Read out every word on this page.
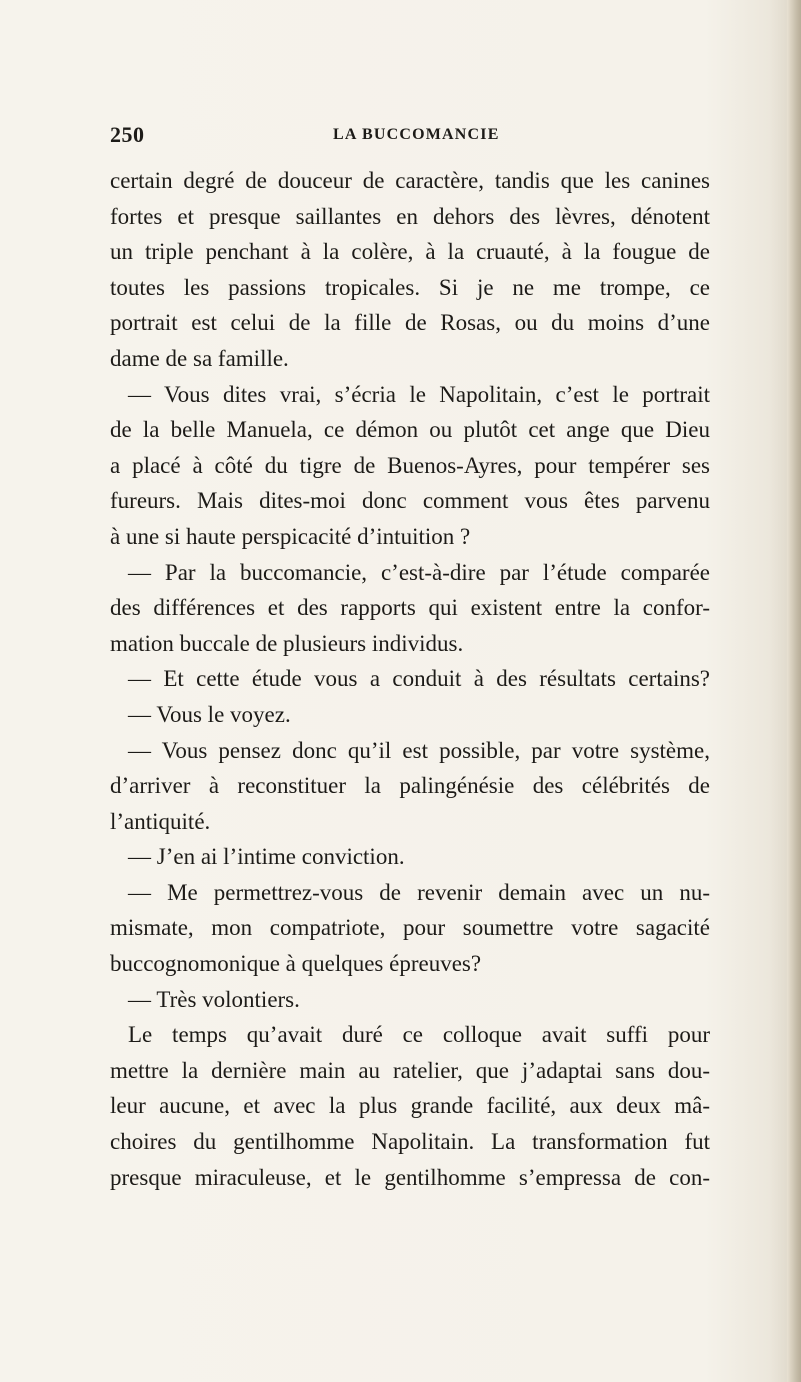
250	LA BUCCOMANCIE
certain degré de douceur de caractère, tandis que les canines
fortes et presque saillantes en dehors des lèvres, dénotent
un triple penchant à la colère, à la cruauté, à la fougue de
toutes les passions tropicales. Si je ne me trompe, ce
portrait est celui de la fille de Rosas, ou du moins d’une
dame de sa famille.
— Vous dites vrai, s’écria le Napolitain, c’est le portrait
de la belle Manuela, ce démon ou plutôt cet ange que Dieu
a placé à côté du tigre de Buenos-Ayres, pour tempérer ses
fureurs. Mais dites-moi donc comment vous êtes parvenu
à une si haute perspicacité d’intuition ?
— Par la buccomancie, c’est-à-dire par l’étude comparée
des différences et des rapports qui existent entre la confor-
mation buccale de plusieurs individus.
— Et cette étude vous a conduit à des résultats certains?
— Vous le voyez.
— Vous pensez donc qu’il est possible, par votre système,
d’arriver à reconstituer la palingénésie des célébrités de
l’antiquité.
— J’en ai l’intime conviction.
— Me permettrez-vous de revenir demain avec un nu-
mismate, mon compatriote, pour soumettre votre sagacité
buccognomonique à quelques épreuves?
— Très volontiers.
Le temps qu’avait duré ce colloque avait suffi pour
mettre la dernière main au ratelier, que j’adaptai sans dou-
leur aucune, et avec la plus grande facilité, aux deux mâ-
choires du gentilhomme Napolitain. La transformation fut
presque miraculeuse, et le gentilhomme s’empressa de con-
